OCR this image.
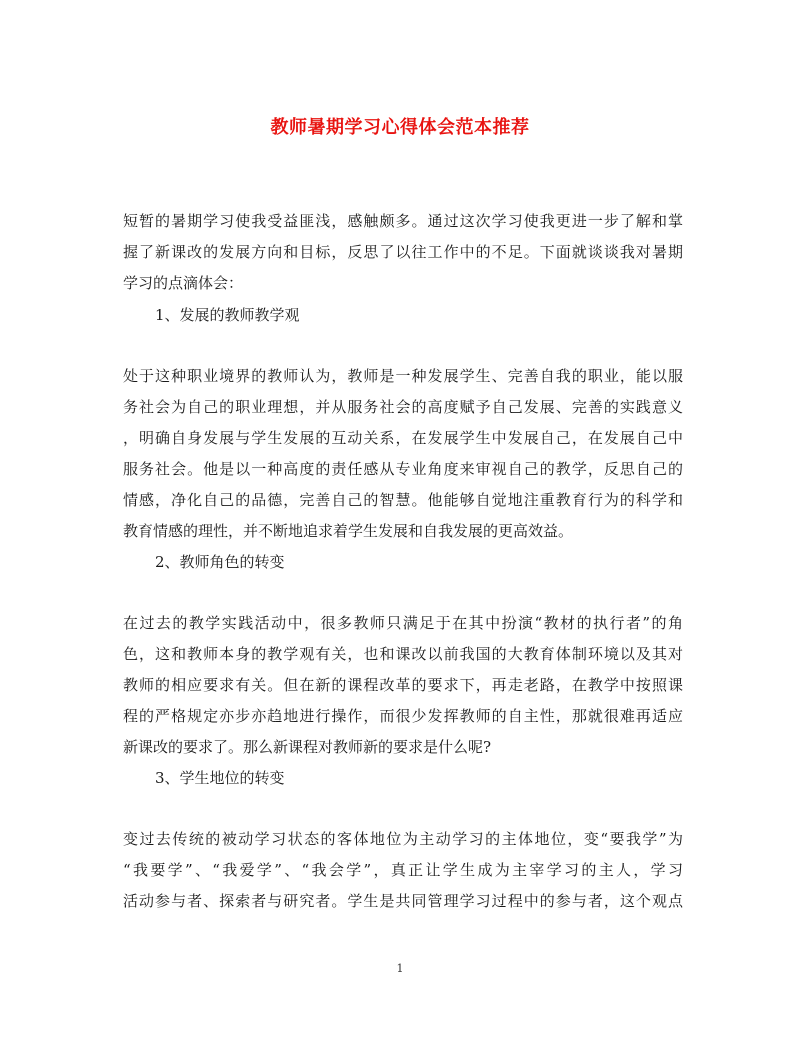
教师暑期学习心得体会范本推荐
短暂的暑期学习使我受益匪浅，感触颇多。通过这次学习使我更进一步了解和掌
握了新课改的发展方向和目标，反思了以往工作中的不足。下面就谈谈我对暑期
学习的点滴体会：
1、发展的教师教学观
处于这种职业境界的教师认为，教师是一种发展学生、完善自我的职业，能以服
务社会为自己的职业理想，并从服务社会的高度赋予自己发展、完善的实践意义
，明确自身发展与学生发展的互动关系，在发展学生中发展自己，在发展自己中
服务社会。他是以一种高度的责任感从专业角度来审视自己的教学，反思自己的
情感，净化自己的品德，完善自己的智慧。他能够自觉地注重教育行为的科学和
教育情感的理性，并不断地追求着学生发展和自我发展的更高效益。
2、教师角色的转变
在过去的教学实践活动中，很多教师只满足于在其中扮演“教材的执行者”的角
色，这和教师本身的教学观有关，也和课改以前我国的大教育体制环境以及其对
教师的相应要求有关。但在新的课程改革的要求下，再走老路，在教学中按照课
程的严格规定亦步亦趋地进行操作，而很少发挥教师的自主性，那就很难再适应
新课改的要求了。那么新课程对教师新的要求是什么呢?
3、学生地位的转变
变过去传统的被动学习状态的客体地位为主动学习的主体地位，变“要我学”为
“我要学”、“我爱学”、“我会学”，真正让学生成为主宰学习的主人，学习
活动参与者、探索者与研究者。学生是共同管理学习过程中的参与者，这个观点
1
